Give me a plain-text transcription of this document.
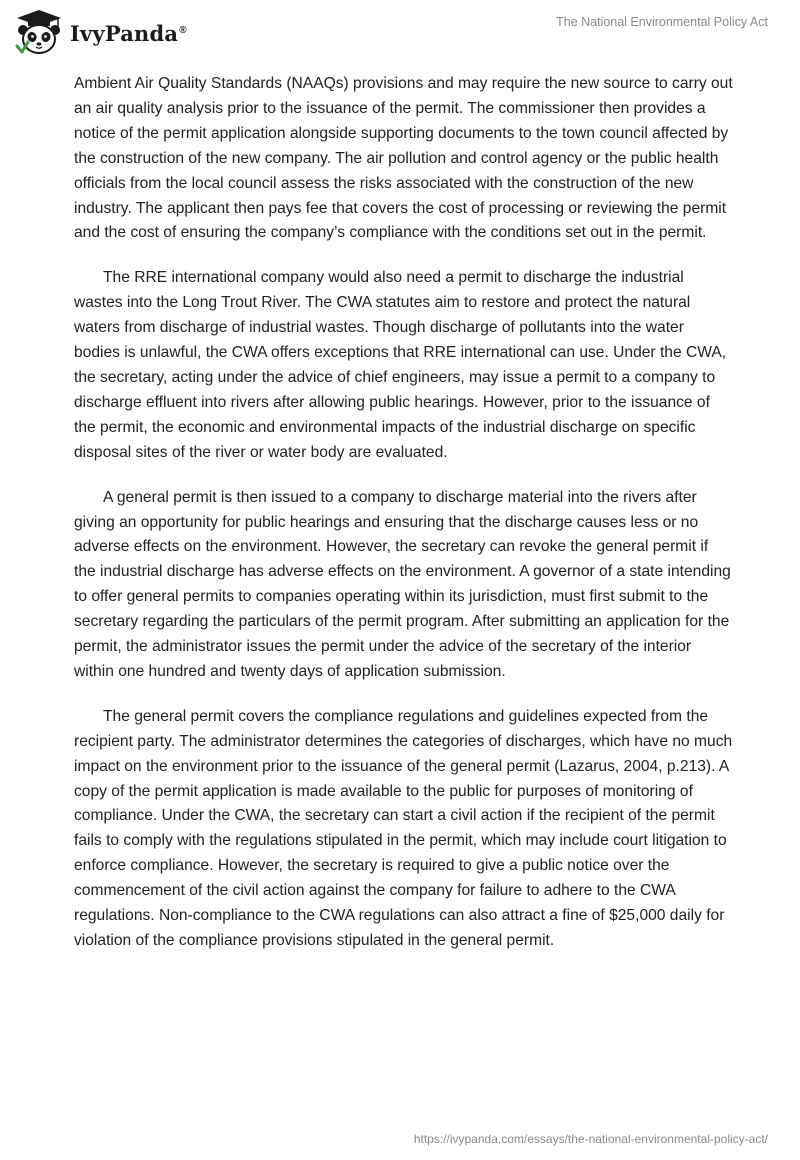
IvyPanda®
The National Environmental Policy Act

Ambient Air Quality Standards (NAAQs) provisions and may require the new source to carry out an air quality analysis prior to the issuance of the permit. The commissioner then provides a notice of the permit application alongside supporting documents to the town council affected by the construction of the new company. The air pollution and control agency or the public health officials from the local council assess the risks associated with the construction of the new industry. The applicant then pays fee that covers the cost of processing or reviewing the permit and the cost of ensuring the company’s compliance with the conditions set out in the permit.

The RRE international company would also need a permit to discharge the industrial wastes into the Long Trout River. The CWA statutes aim to restore and protect the natural waters from discharge of industrial wastes. Though discharge of pollutants into the water bodies is unlawful, the CWA offers exceptions that RRE international can use. Under the CWA, the secretary, acting under the advice of chief engineers, may issue a permit to a company to discharge effluent into rivers after allowing public hearings. However, prior to the issuance of the permit, the economic and environmental impacts of the industrial discharge on specific disposal sites of the river or water body are evaluated.

A general permit is then issued to a company to discharge material into the rivers after giving an opportunity for public hearings and ensuring that the discharge causes less or no adverse effects on the environment. However, the secretary can revoke the general permit if the industrial discharge has adverse effects on the environment. A governor of a state intending to offer general permits to companies operating within its jurisdiction, must first submit to the secretary regarding the particulars of the permit program. After submitting an application for the permit, the administrator issues the permit under the advice of the secretary of the interior within one hundred and twenty days of application submission.

The general permit covers the compliance regulations and guidelines expected from the recipient party. The administrator determines the categories of discharges, which have no much impact on the environment prior to the issuance of the general permit (Lazarus, 2004, p.213). A copy of the permit application is made available to the public for purposes of monitoring of compliance. Under the CWA, the secretary can start a civil action if the recipient of the permit fails to comply with the regulations stipulated in the permit, which may include court litigation to enforce compliance. However, the secretary is required to give a public notice over the commencement of the civil action against the company for failure to adhere to the CWA regulations. Non-compliance to the CWA regulations can also attract a fine of $25,000 daily for violation of the compliance provisions stipulated in the general permit.

https://ivypanda.com/essays/the-national-environmental-policy-act/
